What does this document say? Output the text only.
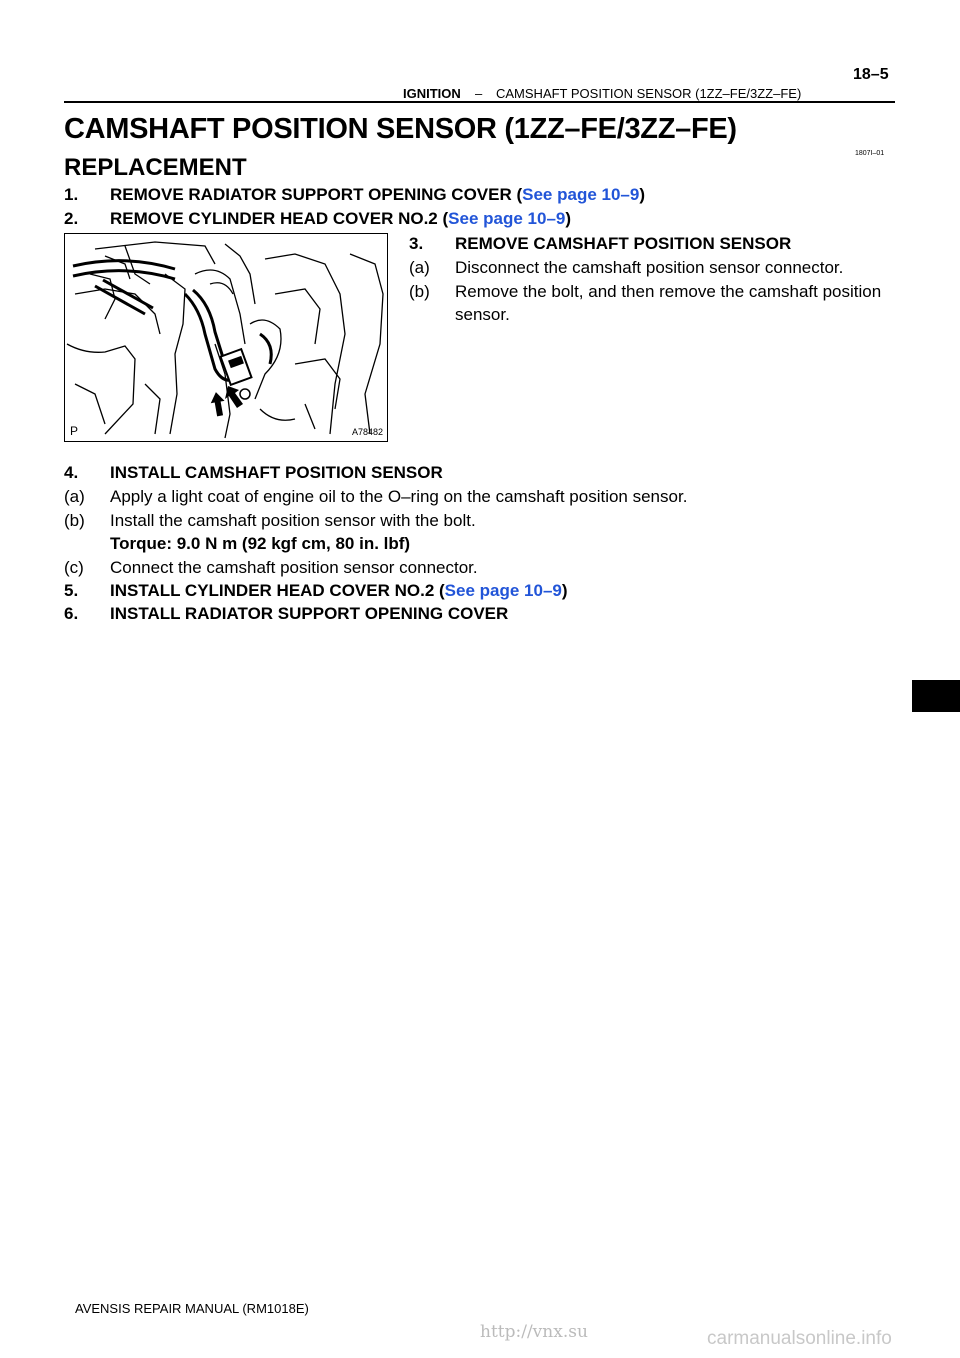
IGNITION – CAMSHAFT POSITION SENSOR (1ZZ–FE/3ZZ–FE)
18–5
CAMSHAFT POSITION SENSOR (1ZZ–FE/3ZZ–FE)
1807I–01
REPLACEMENT
1. REMOVE RADIATOR SUPPORT OPENING COVER (See page 10–9)
2. REMOVE CYLINDER HEAD COVER NO.2 (See page 10–9)
P	A78482
3. REMOVE CAMSHAFT POSITION SENSOR
(a) Disconnect the camshaft position sensor connector.
(b) Remove the bolt, and then remove the camshaft position
sensor.
4. INSTALL CAMSHAFT POSITION SENSOR
(a) Apply a light coat of engine oil to the O–ring on the camshaft position sensor.
(b) Install the camshaft position sensor with the bolt.
Torque: 9.0 N m (92 kgf cm, 80 in. lbf)
(c) Connect the camshaft position sensor connector.
5. INSTALL CYLINDER HEAD COVER NO.2 (See page 10–9)
6. INSTALL RADIATOR SUPPORT OPENING COVER
AVENSIS REPAIR MANUAL (RM1018E)
http://vnx.su	carmanualsonline.info
